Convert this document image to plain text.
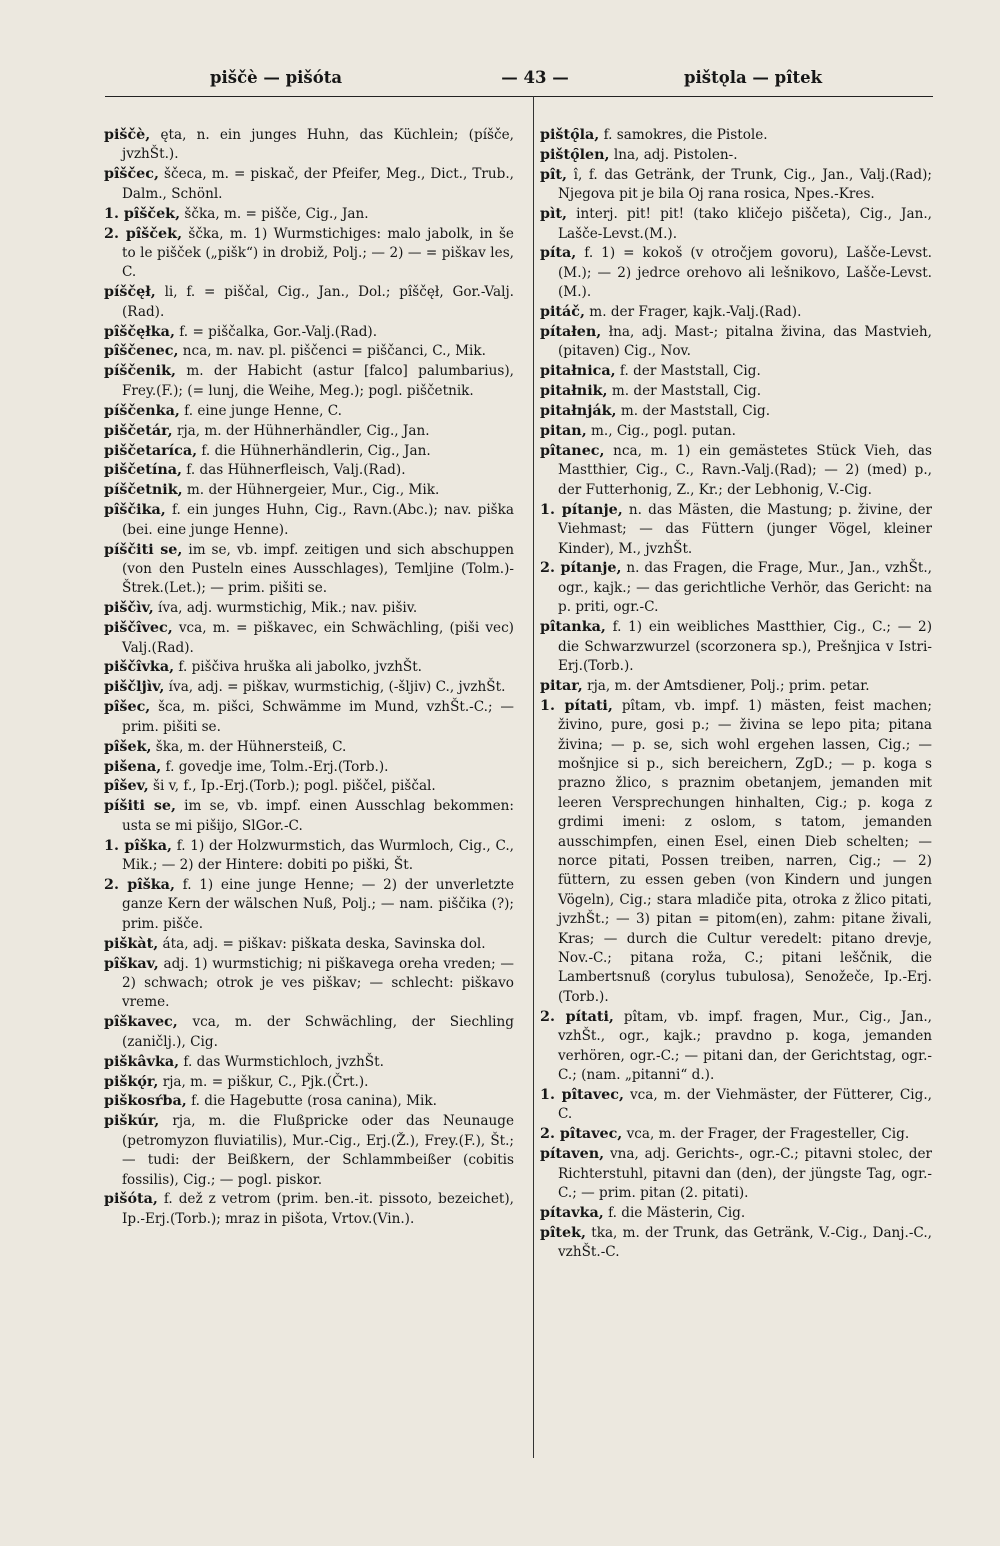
piščè — pišóta	— 43 —	pištǫla — pîtek

piščè, ęta, n. ein junges Huhn, das Küchlein; (píšče, jvzhŠt.).

pîščec, ščeca, m. = piskač, der Pfeifer, Meg., Dict., Trub., Dalm., Schönl.

1. pîšček, ščka, m. = pišče, Cig., Jan.

2. pîšček, ščka, m. 1) Wurmstichiges: malo jabolk, in še to le pišček („pišk“) in drobiž, Polj.; — 2) — = piškav les, C.

píščęł, li, f. = piščal, Cig., Jan., Dol.; pîščęł, Gor.-Valj.(Rad).

pîščęłka, f. = piščalka, Gor.-Valj.(Rad).

pîščenec, nca, m. nav. pl. piščenci = piščanci, C., Mik.

píščenik, m. der Habicht (astur [falco] palumbarius), Frey.(F.); (= lunj, die Weihe, Meg.); pogl. piščetnik.

píščenka, f. eine junge Henne, C.

piščetár, rja, m. der Hühnerhändler, Cig., Jan.

piščetaríca, f. die Hühnerhändlerin, Cig., Jan.

piščetína, f. das Hühnerfleisch, Valj.(Rad).

píščetnik, m. der Hühnergeier, Mur., Cig., Mik.

pîščika, f. ein junges Huhn, Cig., Ravn.(Abc.); nav. piška (bei. eine junge Henne).

píščiti se, im se, vb. impf. zeitigen und sich abschuppen (von den Pusteln eines Ausschlages), Temljine (Tolm.)-Štrek.(Let.); — prim. pišiti se.

piščìv, íva, adj. wurmstichig, Mik.; nav. pišiv.

piščîvec, vca, m. = piškavec, ein Schwächling, (piši vec) Valj.(Rad).

piščîvka, f. piščiva hruška ali jabolko, jvzhŠt.

piščljìv, íva, adj. = piškav, wurmstichig, (-šljiv) C., jvzhŠt.

pîšec, šca, m. pišci, Schwämme im Mund, vzhŠt.-C.; — prim. pišiti se.

pîšek, ška, m. der Hühnersteiß, C.

pišena, f. govedje ime, Tolm.-Erj.(Torb.).

pîšev, ši v, f., Ip.-Erj.(Torb.); pogl. piščel, piščal.

píšiti se, im se, vb. impf. einen Ausschlag bekommen: usta se mi pišijo, SlGor.-C.

1. pîška, f. 1) der Holzwurmstich, das Wurmloch, Cig., C., Mik.; — 2) der Hintere: dobiti po piški, Št.

2. pîška, f. 1) eine junge Henne; — 2) der unverletzte ganze Kern der wälschen Nuß, Polj.; — nam. piščika (?); prim. pišče.

piškàt, áta, adj. = piškav: piškata deska, Savinska dol.

pîškav, adj. 1) wurmstichig; ni piškavega oreha vreden; — 2) schwach; otrok je ves piškav; — schlecht: piškavo vreme.

pîškavec, vca, m. der Schwächling, der Siechling (zaničlj.), Cig.

piškâvka, f. das Wurmstichloch, jvzhŠt.

piškǫ́r, rja, m. = piškur, C., Pjk.(Črt.).

piškosŕba, f. die Hagebutte (rosa canina), Mik.

piškúr, rja, m. die Flußpricke oder das Neunauge (petromyzon fluviatilis), Mur.-Cig., Erj.(Ž.), Frey.(F.), Št.; — tudi: der Beißkern, der Schlammbeißer (cobitis fossilis), Cig.; — pogl. piskor.

pišóta, f. dež z vetrom (prim. ben.-it. pissoto, bezeichet), Ip.-Erj.(Torb.); mraz in pišota, Vrtov.(Vin.).

pištǫ̑la, f. samokres, die Pistole.

pištǫ̑len, lna, adj. Pistolen-.

pît, î, f. das Getränk, der Trunk, Cig., Jan., Valj.(Rad); Njegova pit je bila Oj rana rosica, Npes.-Kres.

pìt, interj. pit! pit! (tako kličejo piščeta), Cig., Jan., Lašče-Levst.(M.).

píta, f. 1) = kokoš (v otročjem govoru), Lašče-Levst.(M.); — 2) jedrce orehovo ali lešnikovo, Lašče-Levst.(M.).

pitáč, m. der Frager, kajk.-Valj.(Rad).

pítałen, łna, adj. Mast-; pitalna živina, das Mastvieh, (pitaven) Cig., Nov.

pitałnica, f. der Maststall, Cig.

pitałnik, m. der Maststall, Cig.

pitałnják, m. der Maststall, Cig.

pitan, m., Cig., pogl. putan.

pîtanec, nca, m. 1) ein gemästetes Stück Vieh, das Mastthier, Cig., C., Ravn.-Valj.(Rad); — 2) (med) p., der Futterhonig, Z., Kr.; der Lebhonig, V.-Cig.

1. pítanje, n. das Mästen, die Mastung; p. živine, der Viehmast; — das Füttern (junger Vögel, kleiner Kinder), M., jvzhŠt.

2. pítanje, n. das Fragen, die Frage, Mur., Jan., vzhŠt., ogr., kajk.; — das gerichtliche Verhör, das Gericht: na p. priti, ogr.-C.

pîtanka, f. 1) ein weibliches Mastthier, Cig., C.; — 2) die Schwarzwurzel (scorzonera sp.), Prešnjica v Istri-Erj.(Torb.).

pitar, rja, m. der Amtsdiener, Polj.; prim. petar.

1. pítati, pîtam, vb. impf. 1) mästen, feist machen; živino, pure, gosi p.; — živina se lepo pita; pitana živina; — p. se, sich wohl ergehen lassen, Cig.; — mošnjice si p., sich bereichern, ZgD.; — p. koga s prazno žlico, s praznim obetanjem, jemanden mit leeren Versprechungen hinhalten, Cig.; p. koga z grdimi imeni: z oslom, s tatom, jemanden ausschimpfen, einen Esel, einen Dieb schelten; — norce pitati, Possen treiben, narren, Cig.; — 2) füttern, zu essen geben (von Kindern und jungen Vögeln), Cig.; stara mladiče pita, otroka z žlico pitati, jvzhŠt.; — 3) pitan = pitom(en), zahm: pitane živali, Kras; — durch die Cultur veredelt: pitano drevje, Nov.-C.; pitana roža, C.; pitani leščnik, die Lambertsnuß (corylus tubulosa), Senožeče, Ip.-Erj.(Torb.).

2. pítati, pîtam, vb. impf. fragen, Mur., Cig., Jan., vzhŠt., ogr., kajk.; pravdno p. koga, jemanden verhören, ogr.-C.; — pitani dan, der Gerichtstag, ogr.-C.; (nam. „pitanni“ d.).

1. pîtavec, vca, m. der Viehmäster, der Fütterer, Cig., C.

2. pîtavec, vca, m. der Frager, der Fragesteller, Cig.

pítaven, vna, adj. Gerichts-, ogr.-C.; pitavni stolec, der Richterstuhl, pitavni dan (den), der jüngste Tag, ogr.-C.; — prim. pitan (2. pitati).

pítavka, f. die Mästerin, Cig.

pîtek, tka, m. der Trunk, das Getränk, V.-Cig., Danj.-C., vzhŠt.-C.
